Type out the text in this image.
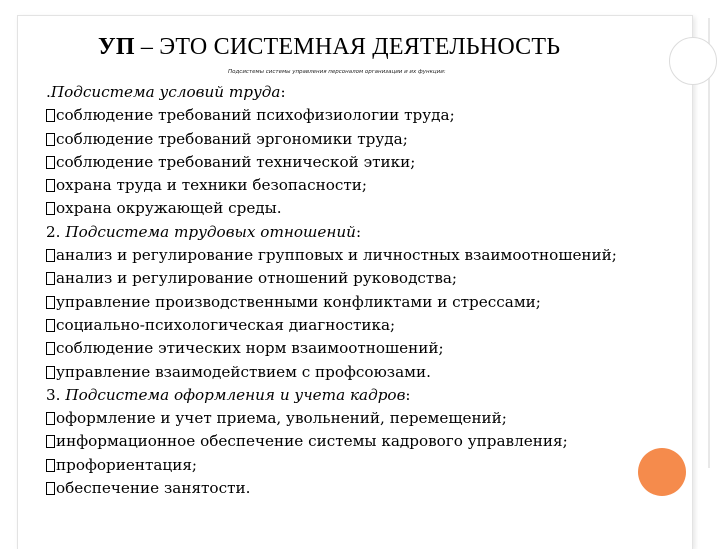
УП – ЭТО СИСТЕМНАЯ ДЕЯТЕЛЬНОСТЬ
Подсистемы системы управления персоналом организации и их функции:
.Подсистема условий труда:
соблюдение требований психофизиологии труда;
соблюдение требований эргономики труда;
соблюдение требований технической этики;
охрана труда и техники безопасности;
охрана окружающей среды.
2. Подсистема трудовых отношений:
анализ и регулирование групповых и личностных взаимоотношений;
анализ и регулирование отношений руководства;
управление производственными конфликтами и стрессами;
социально-психологическая диагностика;
соблюдение этических норм взаимоотношений;
управление взаимодействием с профсоюзами.
3. Подсистема оформления и учета кадров:
оформление и учет приема, увольнений, перемещений;
информационное обеспечение системы кадрового управления;
профориентация;
обеспечение занятости.
